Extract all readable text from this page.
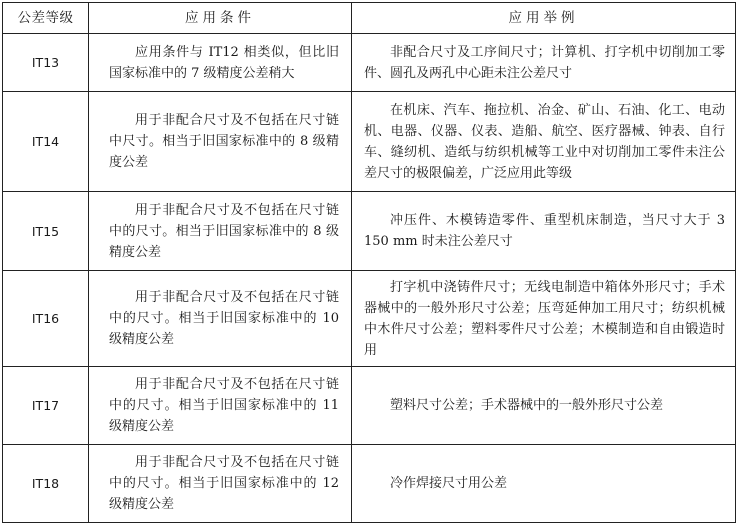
公差等级	应用条件	应用举例
IT13	应用条件与 IT12 相类似，但比旧国家标准中的 7 级精度公差稍大	非配合尺寸及工序间尺寸；计算机、打字机中切削加工零件、圆孔及两孔中心距未注公差尺寸

IT14	用于非配合尺寸及不包括在尺寸链中尺寸。相当于旧国家标准中的 8 级精度公差	在机床、汽车、拖拉机、冶金、矿山、石油、化工、电动机、电器、仪器、仪表、造船、航空、医疗器械、钟表、自行车、缝纫机、造纸与纺织机械等工业中对切削加工零件未注公差尺寸的极限偏差，广泛应用此等级

IT15	用于非配合尺寸及不包括在尺寸链中的尺寸。相当于旧国家标准中的 8 级精度公差	冲压件、木模铸造零件、重型机床制造，当尺寸大于 3 150 mm 时未注公差尺寸

IT16	用于非配合尺寸及不包括在尺寸链中的尺寸。相当于旧国家标准中的 10 级精度公差	打字机中浇铸件尺寸；无线电制造中箱体外形尺寸；手术器械中的一般外形尺寸公差；压弯延伸加工用尺寸；纺织机械中木件尺寸公差；塑料零件尺寸公差；木模制造和自由锻造时用

IT17	用于非配合尺寸及不包括在尺寸链中的尺寸。相当于旧国家标准中的 11 级精度公差	塑料尺寸公差；手术器械中的一般外形尺寸公差

IT18	用于非配合尺寸及不包括在尺寸链中的尺寸。相当于旧国家标准中的 12 级精度公差	冷作焊接尺寸用公差
